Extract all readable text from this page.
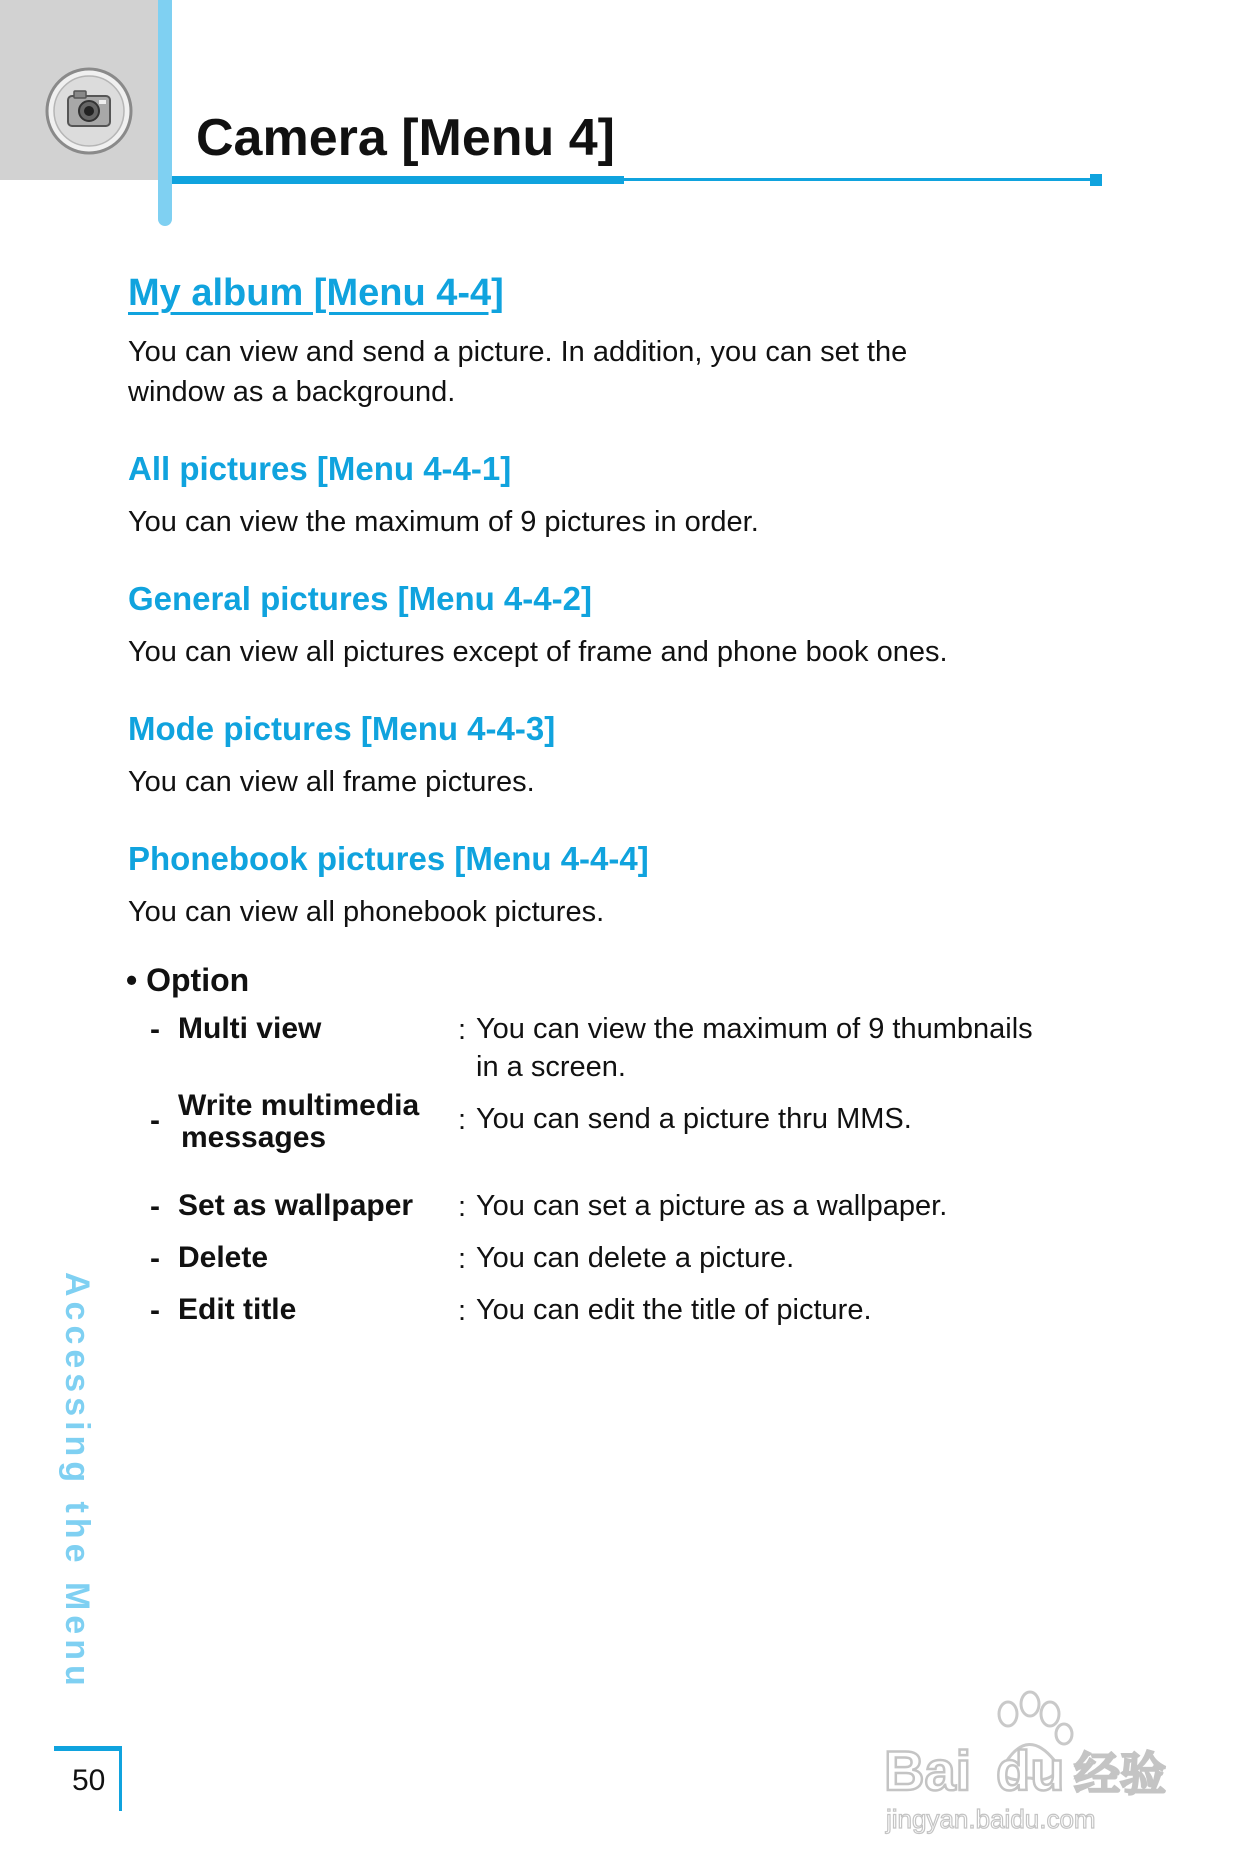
Camera [Menu 4]
My album [Menu 4-4]
You can view and send a picture. In addition, you can set the
window as a background.
All pictures [Menu 4-4-1]
You can view the maximum of 9 pictures in order.
General pictures [Menu 4-4-2]
You can view all pictures except of frame and phone book ones.
Mode pictures [Menu 4-4-3]
You can view all frame pictures.
Phonebook pictures [Menu 4-4-4]
You can view all phonebook pictures.
• Option
- Multi view	: You can view the maximum of 9 thumbnails
in a screen.
- Write multimedia
messages
: You can send a picture thru MMS.
- Set as wallpaper : You can set a picture as a wallpaper.
- Delete	: You can delete a picture.
- Edit title	: You can edit the title of picture.
Accessing the Menu
50	Bai du 经验
jingyan.baidu.com
